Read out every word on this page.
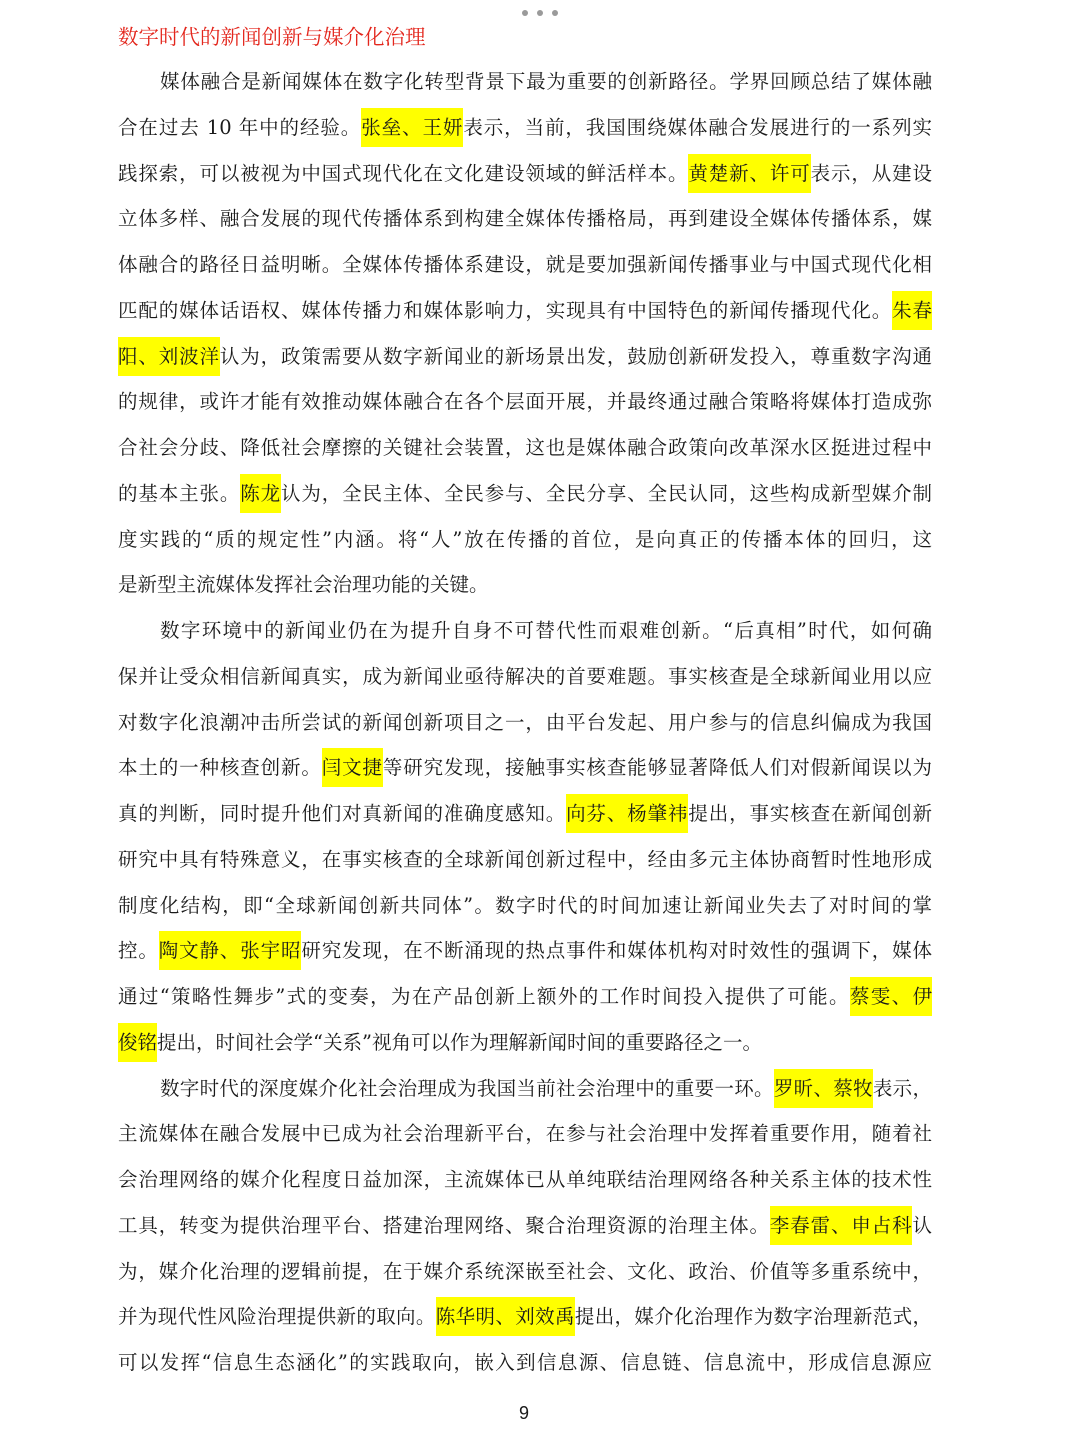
数字时代的新闻创新与媒介化治理
媒体融合是新闻媒体在数字化转型背景下最为重要的创新路径。学界回顾总结了媒体融
合在过去 10 年中的经验。张垒、王妍表示，当前，我国围绕媒体融合发展进行的一系列实
践探索，可以被视为中国式现代化在文化建设领域的鲜活样本。黄楚新、许可表示，从建设
立体多样、融合发展的现代传播体系到构建全媒体传播格局，再到建设全媒体传播体系，媒
体融合的路径日益明晰。全媒体传播体系建设，就是要加强新闻传播事业与中国式现代化相
匹配的媒体话语权、媒体传播力和媒体影响力，实现具有中国特色的新闻传播现代化。朱春
阳、刘波洋认为，政策需要从数字新闻业的新场景出发，鼓励创新研发投入，尊重数字沟通
的规律，或许才能有效推动媒体融合在各个层面开展，并最终通过融合策略将媒体打造成弥
合社会分歧、降低社会摩擦的关键社会装置，这也是媒体融合政策向改革深水区挺进过程中
的基本主张。陈龙认为，全民主体、全民参与、全民分享、全民认同，这些构成新型媒介制
度实践的“质的规定性”内涵。将“人”放在传播的首位，是向真正的传播本体的回归，这
是新型主流媒体发挥社会治理功能的关键。
数字环境中的新闻业仍在为提升自身不可替代性而艰难创新。“后真相”时代，如何确
保并让受众相信新闻真实，成为新闻业亟待解决的首要难题。事实核查是全球新闻业用以应
对数字化浪潮冲击所尝试的新闻创新项目之一，由平台发起、用户参与的信息纠偏成为我国
本土的一种核查创新。闫文捷等研究发现，接触事实核查能够显著降低人们对假新闻误以为
真的判断，同时提升他们对真新闻的准确度感知。向芬、杨肇祎提出，事实核查在新闻创新
研究中具有特殊意义，在事实核查的全球新闻创新过程中，经由多元主体协商暂时性地形成
制度化结构，即“全球新闻创新共同体”。数字时代的时间加速让新闻业失去了对时间的掌
控。陶文静、张宇昭研究发现，在不断涌现的热点事件和媒体机构对时效性的强调下，媒体
通过“策略性舞步”式的变奏，为在产品创新上额外的工作时间投入提供了可能。蔡雯、伊
俊铭提出，时间社会学“关系”视角可以作为理解新闻时间的重要路径之一。
数字时代的深度媒介化社会治理成为我国当前社会治理中的重要一环。罗昕、蔡牧表示，
主流媒体在融合发展中已成为社会治理新平台，在参与社会治理中发挥着重要作用，随着社
会治理网络的媒介化程度日益加深，主流媒体已从单纯联结治理网络各种关系主体的技术性
工具，转变为提供治理平台、搭建治理网络、聚合治理资源的治理主体。李春雷、申占科认
为，媒介化治理的逻辑前提，在于媒介系统深嵌至社会、文化、政治、价值等多重系统中，
并为现代性风险治理提供新的取向。陈华明、刘效禹提出，媒介化治理作为数字治理新范式，
可以发挥“信息生态涵化”的实践取向，嵌入到信息源、信息链、信息流中，形成信息源应
9
